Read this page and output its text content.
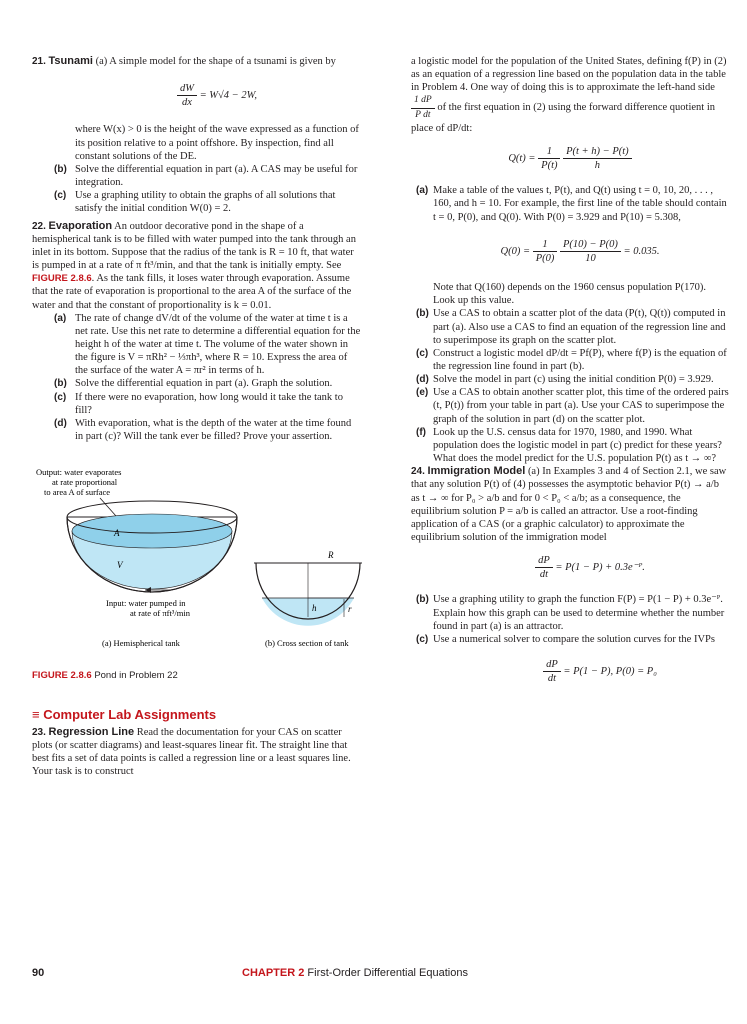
21. Tsunami (a) A simple model for the shape of a tsunami is given by

$\frac{dW}{dx} = W√4 - 2W$,

where W(x) > 0 is the height of the wave expressed as a function of its position relative to a point offshore. By inspection, find all constant solutions of the DE.

(b) Solve the differential equation in part (a). A CAS may be useful for integration.
(c) Use a graphing utility to obtain the graphs of all solutions that satisfy the initial condition W(0) = 2.

22. Evaporation An outdoor decorative pond in the shape of a hemispherical tank is to be filled with water pumped into the tank through an inlet in its bottom. Suppose that the radius of the tank is R = 10 ft, that water is pumped in at a rate of π ft³/min, and that the tank is initially empty. See FIGURE 2.8.6. As the tank fills, it loses water through evaporation. Assume that the rate of evaporation is proportional to the area A of the surface of the water and that the constant of proportionality is k = 0.01.

(a) The rate of change dV/dt of the volume of the water at time t is a net rate. Use this net rate to determine a differential equation for the height h of the water at time t. The volume of the water shown in the figure is V = πRh² − ⅓πh³, where R = 10. Express the area of the surface of the water A = πr² in terms of h.
(b) Solve the differential equation in part (a). Graph the solution.
(c) If there were no evaporation, how long would it take the tank to fill?
(d) With evaporation, what is the depth of the water at the time found in part (c)? Will the tank ever be filled? Prove your assertion.
Output: water evaporates
at rate proportional
to area A of surface
A
V
Input: water pumped in
at rate of πft³/min
(a) Hemispherical tank
R
h	r
(b) Cross section of tank
FIGURE 2.8.6 Pond in Problem 22
≡ Computer Lab Assignments

23. Regression Line Read the documentation for your CAS on scatter plots (or scatter diagrams) and least-squares linear fit. The straight line that best fits a set of data points is called a regression line or a least squares line. Your task is to construct

a logistic model for the population of the United States, defining f(P) in (2) as an equation of a regression line based on the population data in the table in Problem 4. One way of doing this is to approximate the left-hand side
$\frac{1 dP}{\text{P dt}}$ of the first equation in (2) using the forward difference quotient in place of dP/dt:

$Q(t) = \frac{1}{P(t)}$
$\frac{P(t + h) - P(t)}{h}$
(a) Make a table of the values t, P(t), and Q(t) using t = 0, 10, 20, . . . , 160, and h = 10. For example, the first line of the table should contain t = 0, P(0), and Q(0). With P(0) = 3.929 and P(10) = 5.308,
$Q(0) = \frac{1}{P(0)}$
$\frac{P(10) - P(0)}{10} = 0.035$.

Note that Q(160) depends on the 1960 census population P(170). Look up this value.

(b) Use a CAS to obtain a scatter plot of the data (P(t), Q(t)) computed in part (a). Also use a CAS to find an equation of the regression line and to superimpose its graph on the scatter plot.
(c) Construct a logistic model dP/dt = Pf(P), where f(P) is the equation of the regression line found in part (b).
(d) Solve the model in part (c) using the initial condition P(0) = 3.929.
(e) Use a CAS to obtain another scatter plot, this time of the ordered pairs (t, P(t)) from your table in part (a). Use your CAS to superimpose the graph of the solution in part (d) on the scatter plot.
(f) Look up the U.S. census data for 1970, 1980, and 1990. What population does the logistic model in part (c) predict for these years? What does the model predict for the U.S. population P(t) as t → ∞?

24. Immigration Model (a) In Examples 3 and 4 of Section 2.1, we saw that any solution P(t) of (4) possesses the asymptotic behavior P(t) → a/b as t → ∞ for P₀ > a/b and for 0 < P₀ < a/b; as a consequence, the equilibrium solution P = a/b is called an attractor. Use a root-finding application of a CAS (or a graphic calculator) to approximate the equilibrium solution of the immigration model

$\frac{dP}{dt} = P(1 - P)$ + 0.3e⁻ᴾ.
(b) Use a graphing utility to graph the function F(P) = P(1 − P) + 0.3e⁻ᴾ. Explain how this graph can be used to determine whether the number found in part (a) is an attractor.
(c) Use a numerical solver to compare the solution curves for the IVPs
$\frac{dP}{dt} = P(1 - P)$, P(0) = P₀
90	CHAPTER 2 First-Order Differential Equations
